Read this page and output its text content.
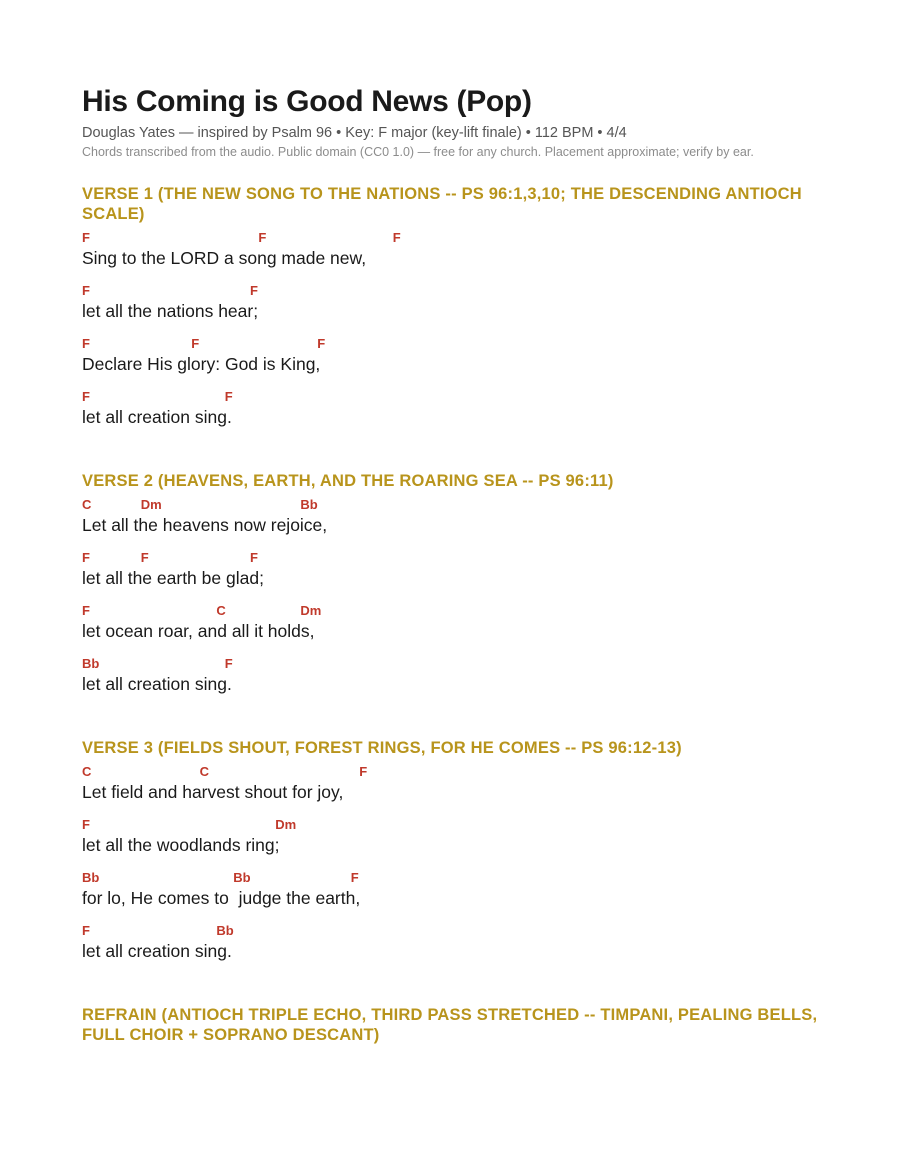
His Coming is Good News (Pop)
Douglas Yates — inspired by Psalm 96 • Key: F major (key-lift finale) • 112 BPM • 4/4
Chords transcribed from the audio. Public domain (CC0 1.0) — free for any church. Placement approximate; verify by ear.
VERSE 1 (THE NEW SONG TO THE NATIONS -- PS 96:1,3,10; THE DESCENDING ANTIOCH SCALE)
F	F	F
Sing to the LORD a song made new,
F	F
let all the nations hear;
F	F	F
Declare His glory: God is King,
F	F
let all creation sing.
VERSE 2 (HEAVENS, EARTH, AND THE ROARING SEA -- PS 96:11)
C	Dm	Bb
Let all the heavens now rejoice,
F	F	F
let all the earth be glad;
F	C	Dm
let ocean roar, and all it holds,
Bb	F
let all creation sing.
VERSE 3 (FIELDS SHOUT, FOREST RINGS, FOR HE COMES -- PS 96:12-13)
C	C	F
Let field and harvest shout for joy,
F	Dm
let all the woodlands ring;
Bb	Bb	F
for lo, He comes to  judge the earth,
F	Bb
let all creation sing.
REFRAIN (ANTIOCH TRIPLE ECHO, THIRD PASS STRETCHED -- TIMPANI, PEALING BELLS, FULL CHOIR + SOPRANO DESCANT)
